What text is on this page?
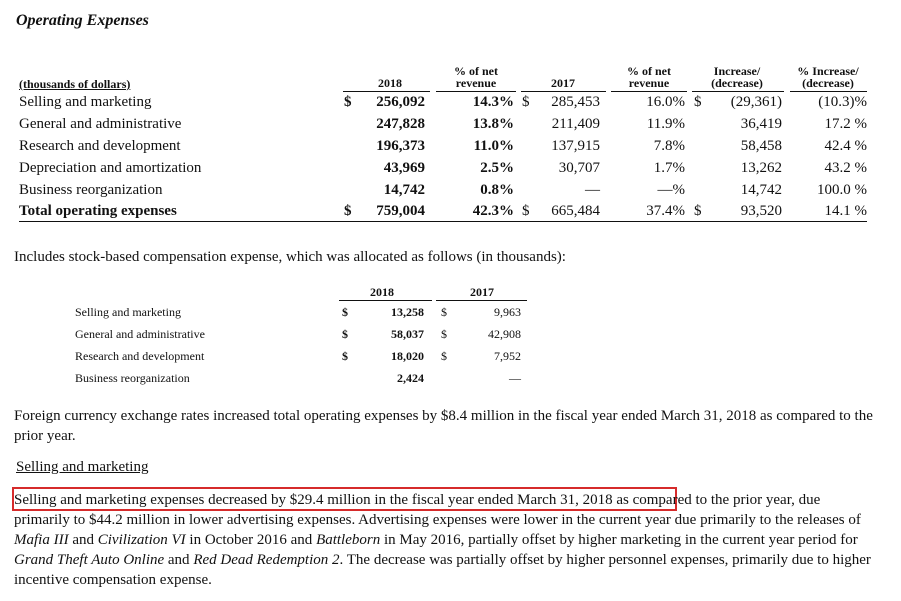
Operating Expenses
% of net
revenue
% of net
revenue
Increase/
(decrease)
% Increase/
(decrease)
(thousands of dollars)	2018	2017
Selling and marketing	$	256,092	14.3% $	285,453	16.0% $	(29,361)	(10.3)%
General and administrative	247,828	13.8%	211,409	11.9%	36,419	17.2 %
Research and development	196,373	11.0%	137,915	7.8%	58,458	42.4 %
Depreciation and amortization	43,969	2.5%	30,707	1.7%	13,262	43.2 %
Business reorganization	14,742	0.8%	—	—%	14,742	100.0 %
Total operating expenses	$	759,004	42.3% $	665,484	37.4% $	93,520	14.1 %
Includes stock-based compensation expense, which was allocated as follows (in thousands):
2018	2017
Selling and marketing	$	13,258 $	9,963
General and administrative	$	58,037 $	42,908
Research and development	$	18,020 $	7,952
Business reorganization	2,424	—
Foreign currency exchange rates increased total operating expenses by $8.4 million in the fiscal year ended March 31, 2018 as compared to the prior year.
Selling and marketing
Selling and marketing expenses decreased by $29.4 million in the fiscal year ended March 31, 2018 as compared to the prior year, due primarily to $44.2 million in lower advertising expenses. Advertising expenses were lower in the current year due primarily to the releases of Mafia III and Civilization VI in October 2016 and Battleborn in May 2016, partially offset by higher marketing in the current year period for Grand Theft Auto Online and Red Dead Redemption 2. The decrease was partially offset by higher personnel expenses, primarily due to higher incentive compensation expense.
